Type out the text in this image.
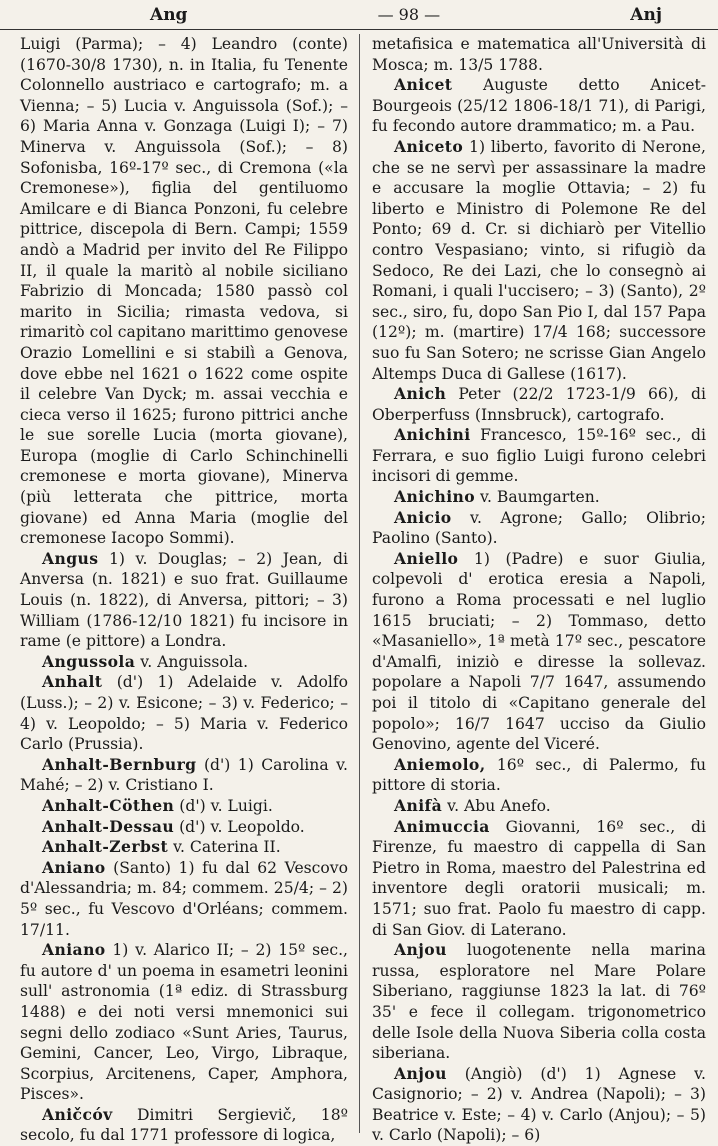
Ang	— 98 —	Anj

Luigi (Parma); – 4) Leandro (conte) (1670-30/8 1730), n. in Italia, fu Tenente Colonnello austriaco e cartografo; m. a Vienna; – 5) Lucia v. Anguissola (Sof.); – 6) Maria Anna v. Gonzaga (Luigi I); – 7) Minerva v. Anguissola (Sof.); – 8) Sofonisba, 16º-17º sec., di Cremona («la Cremonese»), figlia del gentiluomo Amilcare e di Bianca Ponzoni, fu celebre pittrice, discepola di Bern. Campi; 1559 andò a Madrid per invito del Re Filippo II, il quale la maritò al nobile siciliano Fabrizio di Moncada; 1580 passò col marito in Sicilia; rimasta vedova, si rimaritò col capitano marittimo genovese Orazio Lomellini e si stabilì a Genova, dove ebbe nel 1621 o 1622 come ospite il celebre Van Dyck; m. assai vecchia e cieca verso il 1625; furono pittrici anche le sue sorelle Lucia (morta giovane), Europa (moglie di Carlo Schinchinelli cremonese e morta giovane), Minerva (più letterata che pittrice, morta giovane) ed Anna Maria (moglie del cremonese Iacopo Sommi).

Angus 1) v. Douglas; – 2) Jean, di Anversa (n. 1821) e suo frat. Guillaume Louis (n. 1822), di Anversa, pittori; – 3) William (1786-12/10 1821) fu incisore in rame (e pittore) a Londra.

Angussola v. Anguissola.

Anhalt (d') 1) Adelaide v. Adolfo (Luss.); – 2) v. Esicone; – 3) v. Federico; – 4) v. Leopoldo; – 5) Maria v. Federico Carlo (Prussia).

Anhalt-Bernburg (d') 1) Carolina v. Mahé; – 2) v. Cristiano I.

Anhalt-Cöthen (d') v. Luigi.

Anhalt-Dessau (d') v. Leopoldo.

Anhalt-Zerbst v. Caterina II.

Aniano (Santo) 1) fu dal 62 Vescovo d'Alessandria; m. 84; commem. 25/4; – 2) 5º sec., fu Vescovo d'Orléans; commem. 17/11.

Aniano 1) v. Alarico II; – 2) 15º sec., fu autore d' un poema in esametri leonini sull' astronomia (1ª ediz. di Strassburg 1488) e dei noti versi mnemonici sui segni dello zodiaco «Sunt Aries, Taurus, Gemini, Cancer, Leo, Virgo, Libraque, Scorpius, Arcitenens, Caper, Amphora, Pisces».

Aničcóv Dimitri Sergievič, 18º secolo, fu dal 1771 professore di logica,

metafisica e matematica all'Università di Mosca; m. 13/5 1788.

Anicet Auguste detto Anicet-Bourgeois (25/12 1806-18/1 71), di Parigi, fu fecondo autore drammatico; m. a Pau.

Aniceto 1) liberto, favorito di Nerone, che se ne servì per assassinare la madre e accusare la moglie Ottavia; – 2) fu liberto e Ministro di Polemone Re del Ponto; 69 d. Cr. si dichiarò per Vitellio contro Vespasiano; vinto, si rifugiò da Sedoco, Re dei Lazi, che lo consegnò ai Romani, i quali l'uccisero; – 3) (Santo), 2º sec., siro, fu, dopo San Pio I, dal 157 Papa (12º); m. (martire) 17/4 168; successore suo fu San Sotero; ne scrisse Gian Angelo Altemps Duca di Gallese (1617).

Anich Peter (22/2 1723-1/9 66), di Oberperfuss (Innsbruck), cartografo.

Anichini Francesco, 15º-16º sec., di Ferrara, e suo figlio Luigi furono celebri incisori di gemme.

Anichino v. Baumgarten.

Anicio v. Agrone; Gallo; Olibrio; Paolino (Santo).

Aniello 1) (Padre) e suor Giulia, colpevoli d' erotica eresia a Napoli, furono a Roma processati e nel luglio 1615 bruciati; – 2) Tommaso, detto «Masaniello», 1ª metà 17º sec., pescatore d'Amalfi, iniziò e diresse la sollevaz. popolare a Napoli 7/7 1647, assumendo poi il titolo di «Capitano generale del popolo»; 16/7 1647 ucciso da Giulio Genovino, agente del Viceré.

Aniemolo, 16º sec., di Palermo, fu pittore di storia.

Anifà v. Abu Anefo.

Animuccia Giovanni, 16º sec., di Firenze, fu maestro di cappella di San Pietro in Roma, maestro del Palestrina ed inventore degli oratorii musicali; m. 1571; suo frat. Paolo fu maestro di capp. di San Giov. di Laterano.

Anjou luogotenente nella marina russa, esploratore nel Mare Polare Siberiano, raggiunse 1823 la lat. di 76º 35' e fece il collegam. trigonometrico delle Isole della Nuova Siberia colla costa siberiana.

Anjou (Angiò) (d') 1) Agnese v. Casignorio; – 2) v. Andrea (Napoli); – 3) Beatrice v. Este; – 4) v. Carlo (Anjou); – 5) v. Carlo (Napoli); – 6)
